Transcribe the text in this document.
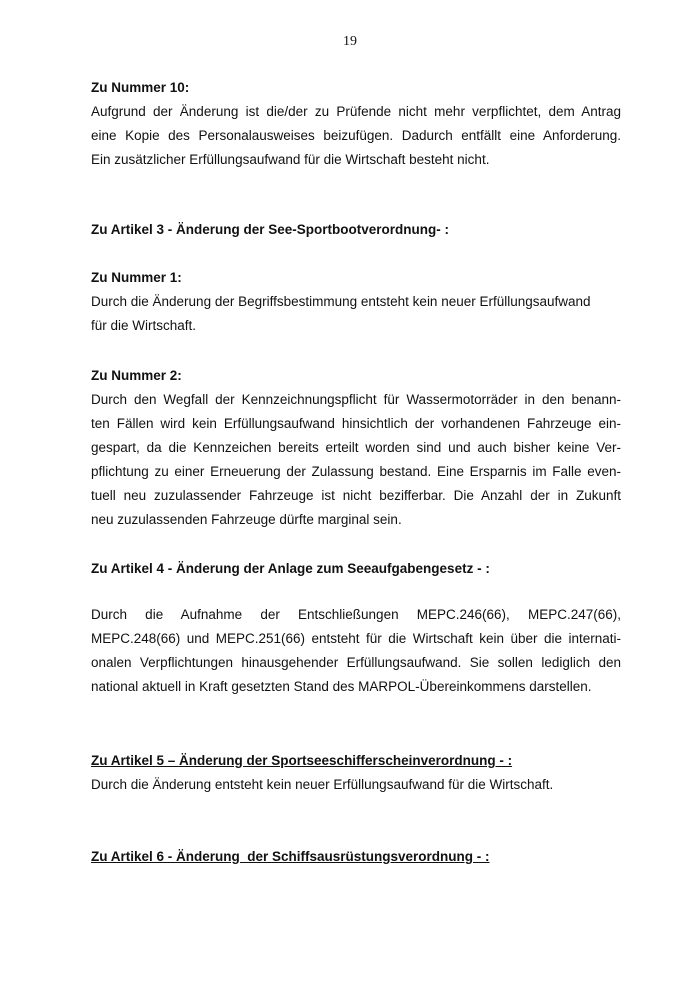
19
Zu Nummer 10:
Aufgrund der Änderung ist die/der zu Prüfende nicht mehr verpflichtet, dem Antrag
eine Kopie des Personalausweises beizufügen. Dadurch entfällt eine Anforderung.
Ein zusätzlicher Erfüllungsaufwand für die Wirtschaft besteht nicht.
Zu Artikel 3 - Änderung der See-Sportbootverordnung- :
Zu Nummer 1:
Durch die Änderung der Begriffsbestimmung entsteht kein neuer Erfüllungsaufwand
für die Wirtschaft.
Zu Nummer 2:
Durch den Wegfall der Kennzeichnungspflicht für Wassermotorräder in den benann-
ten Fällen wird kein Erfüllungsaufwand hinsichtlich der vorhandenen Fahrzeuge ein-
gespart, da die Kennzeichen bereits erteilt worden sind und auch bisher keine Ver-
pflichtung zu einer Erneuerung der Zulassung bestand. Eine Ersparnis im Falle even-
tuell neu zuzulassender Fahrzeuge ist nicht bezifferbar. Die Anzahl der in Zukunft
neu zuzulassenden Fahrzeuge dürfte marginal sein.
Zu Artikel 4 - Änderung der Anlage zum Seeaufgabengesetz - :
Durch die Aufnahme der Entschließungen MEPC.246(66), MEPC.247(66),
MEPC.248(66) und MEPC.251(66) entsteht für die Wirtschaft kein über die internati-
onalen Verpflichtungen hinausgehender Erfüllungsaufwand. Sie sollen lediglich den
national aktuell in Kraft gesetzten Stand des MARPOL-Übereinkommens darstellen.
Zu Artikel 5 – Änderung der Sportseeschifferscheinverordnung - :
Durch die Änderung entsteht kein neuer Erfüllungsaufwand für die Wirtschaft.
Zu Artikel 6 - Änderung  der Schiffsausrüstungsverordnung - :
